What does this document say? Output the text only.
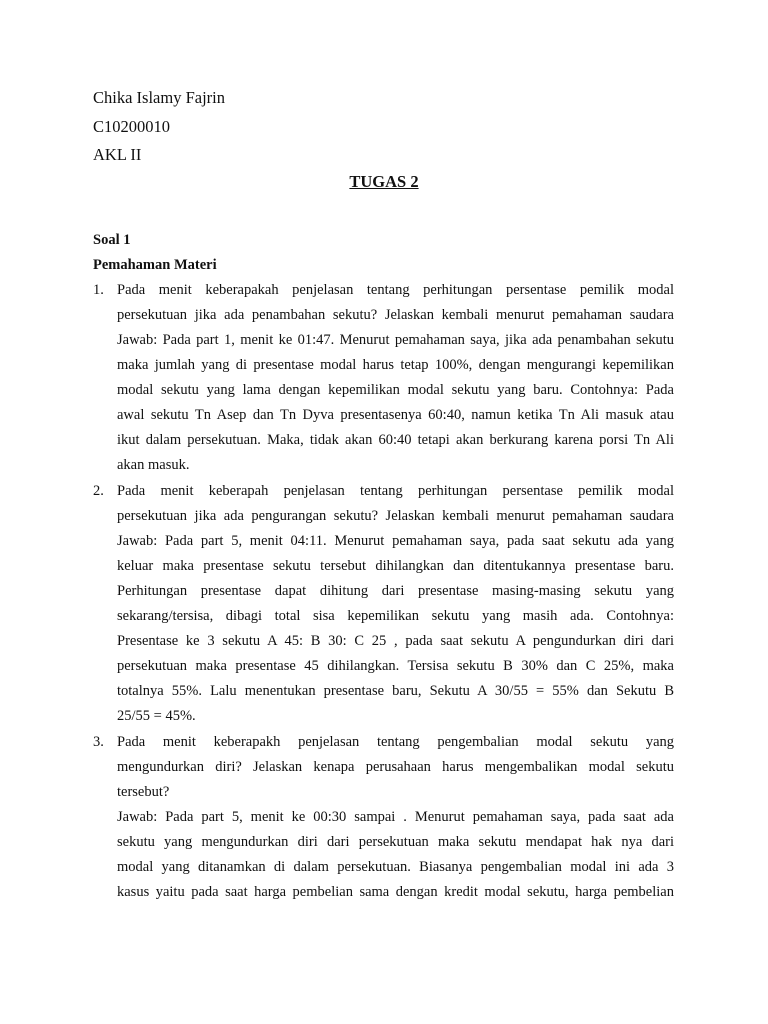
Chika Islamy Fajrin
C10200010
AKL II
TUGAS 2
Soal 1
Pemahaman Materi
1. Pada menit keberapakah penjelasan tentang perhitungan persentase pemilik modal
persekutuan jika ada penambahan sekutu? Jelaskan kembali menurut pemahaman saudara
Jawab: Pada part 1, menit ke 01:47. Menurut pemahaman saya, jika ada penambahan sekutu
maka jumlah yang di presentase modal harus tetap 100%, dengan mengurangi kepemilikan
modal sekutu yang lama dengan kepemilikan modal sekutu yang baru. Contohnya: Pada
awal sekutu Tn Asep dan Tn Dyva presentasenya 60:40, namun ketika Tn Ali masuk atau
ikut dalam persekutuan. Maka, tidak akan 60:40 tetapi akan berkurang karena porsi Tn Ali
akan masuk.
2. Pada menit keberapah penjelasan tentang perhitungan persentase pemilik modal
persekutuan jika ada pengurangan sekutu? Jelaskan kembali menurut pemahaman saudara
Jawab: Pada part 5, menit 04:11. Menurut pemahaman saya, pada saat sekutu ada yang
keluar maka presentase sekutu tersebut dihilangkan dan ditentukannya presentase baru.
Perhitungan presentase dapat dihitung dari presentase masing-masing sekutu yang
sekarang/tersisa, dibagi total sisa kepemilikan sekutu yang masih ada. Contohnya:
Presentase ke 3 sekutu A 45: B 30: C 25 , pada saat sekutu A pengundurkan diri dari
persekutuan maka presentase 45 dihilangkan. Tersisa sekutu B 30% dan C 25%, maka
totalnya 55%. Lalu menentukan presentase baru, Sekutu A 30/55 = 55% dan Sekutu B
25/55 = 45%.
3. Pada menit keberapakh penjelasan tentang pengembalian modal sekutu yang
mengundurkan diri? Jelaskan kenapa perusahaan harus mengembalikan modal sekutu
tersebut?
Jawab: Pada part 5, menit ke 00:30 sampai . Menurut pemahaman saya, pada saat ada
sekutu yang mengundurkan diri dari persekutuan maka sekutu mendapat hak nya dari
modal yang ditanamkan di dalam persekutuan. Biasanya pengembalian modal ini ada 3
kasus yaitu pada saat harga pembelian sama dengan kredit modal sekutu, harga pembelian
